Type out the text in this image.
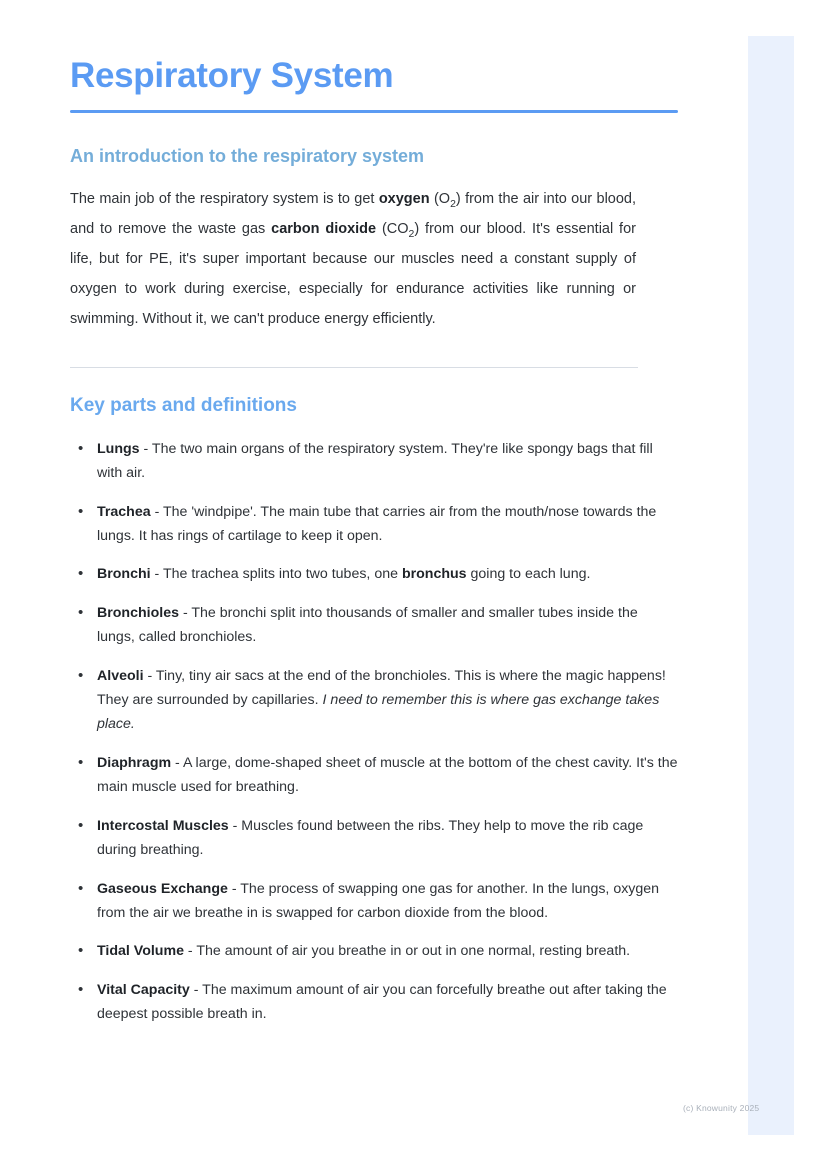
Respiratory System
An introduction to the respiratory system

The main job of the respiratory system is to get oxygen $(O_2)$ from the air into our blood, and to remove the waste gas carbon dioxide $(CO_2)$ from our blood. It's essential for life, but for PE, it's super important because our muscles need a constant supply of oxygen to work during exercise, especially for endurance activities like running or swimming. Without it, we can't produce energy efficiently.

Key parts and definitions
• Lungs - The two main organs of the respiratory system. They're like spongy bags that fill with air.
• Trachea - The 'windpipe'. The main tube that carries air from the mouth/nose towards the lungs. It has rings of cartilage to keep it open.
• Bronchi - The trachea splits into two tubes, one bronchus going to each lung.
• Bronchioles - The bronchi split into thousands of smaller and smaller tubes inside the lungs, called bronchioles.
• Alveoli - Tiny, tiny air sacs at the end of the bronchioles. This is where the magic happens! They are surrounded by capillaries. I need to remember this is where gas exchange takes place.
• Diaphragm - A large, dome-shaped sheet of muscle at the bottom of the chest cavity. It's the main muscle used for breathing.
• Intercostal Muscles - Muscles found between the ribs. They help to move the rib cage during breathing.
• Gaseous Exchange - The process of swapping one gas for another. In the lungs, oxygen from the air we breathe in is swapped for carbon dioxide from the blood.
• Tidal Volume - The amount of air you breathe in or out in one normal, resting breath.
• Vital Capacity - The maximum amount of air you can forcefully breathe out after taking the deepest possible breath in.
(c) Knowunity 2025
